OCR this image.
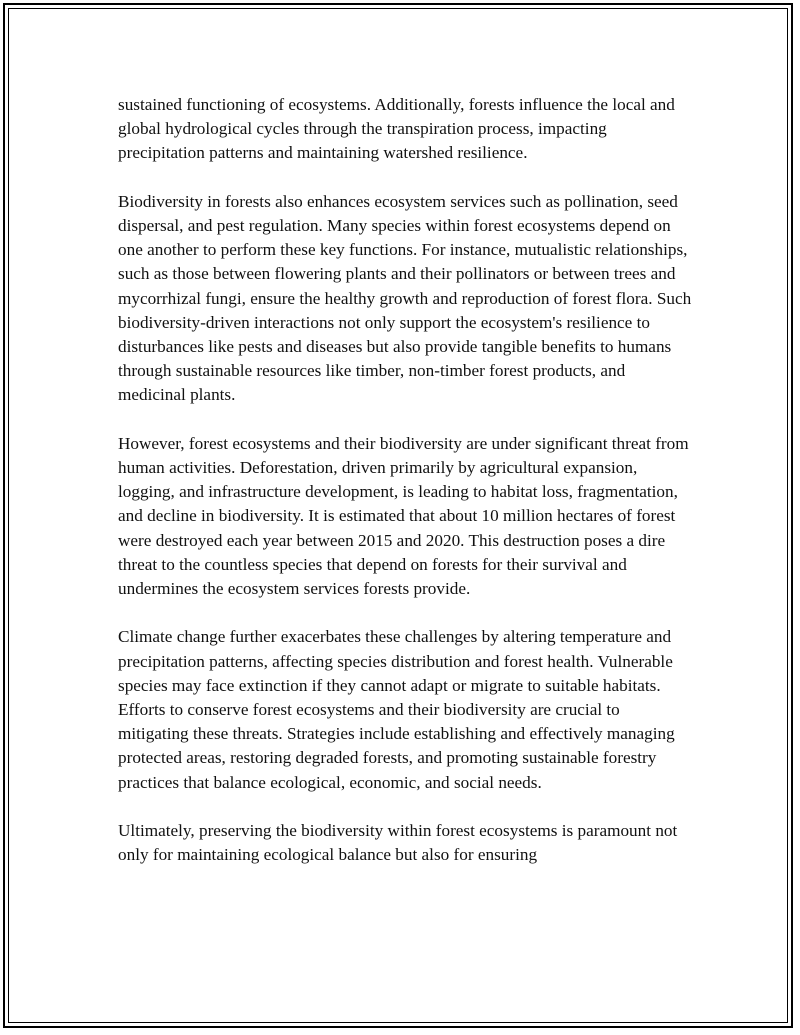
sustained functioning of ecosystems. Additionally, forests influence the local and global hydrological cycles through the transpiration process, impacting precipitation patterns and maintaining watershed resilience.

Biodiversity in forests also enhances ecosystem services such as pollination, seed dispersal, and pest regulation. Many species within forest ecosystems depend on one another to perform these key functions. For instance, mutualistic relationships, such as those between flowering plants and their pollinators or between trees and mycorrhizal fungi, ensure the healthy growth and reproduction of forest flora. Such biodiversity-driven interactions not only support the ecosystem's resilience to disturbances like pests and diseases but also provide tangible benefits to humans through sustainable resources like timber, non-timber forest products, and medicinal plants.

However, forest ecosystems and their biodiversity are under significant threat from human activities. Deforestation, driven primarily by agricultural expansion, logging, and infrastructure development, is leading to habitat loss, fragmentation, and decline in biodiversity. It is estimated that about 10 million hectares of forest were destroyed each year between 2015 and 2020. This destruction poses a dire threat to the countless species that depend on forests for their survival and undermines the ecosystem services forests provide.

Climate change further exacerbates these challenges by altering temperature and precipitation patterns, affecting species distribution and forest health. Vulnerable species may face extinction if they cannot adapt or migrate to suitable habitats. Efforts to conserve forest ecosystems and their biodiversity are crucial to mitigating these threats. Strategies include establishing and effectively managing protected areas, restoring degraded forests, and promoting sustainable forestry practices that balance ecological, economic, and social needs.

Ultimately, preserving the biodiversity within forest ecosystems is paramount not only for maintaining ecological balance but also for ensuring
